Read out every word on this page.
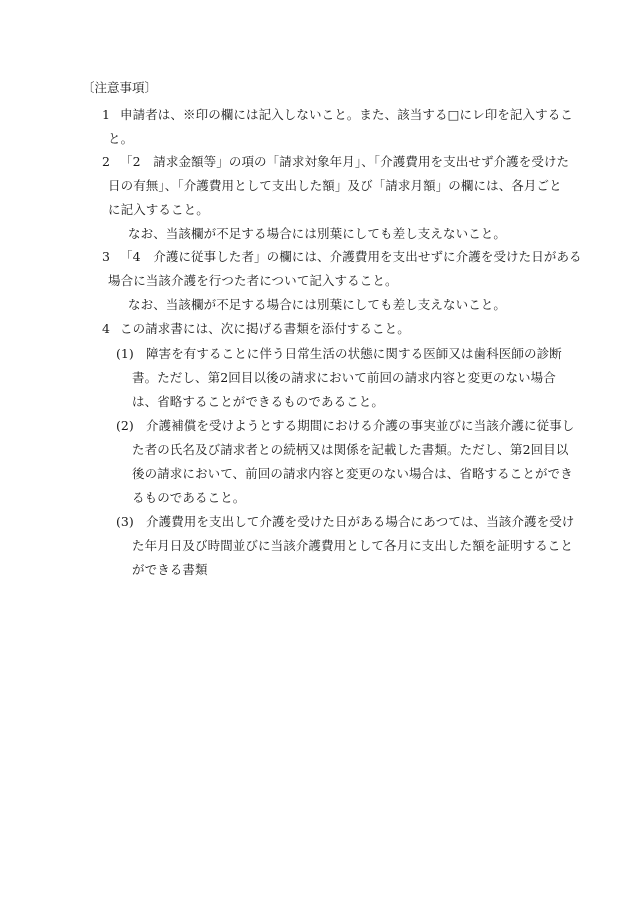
〔注意事項〕
1 申請者は、※印の欄には記入しないこと。また、該当する□にレ印を記入するこ
と。
2 「2　請求金額等」の項の「請求対象年月」、「介護費用を支出せず介護を受けた
日の有無」、「介護費用として支出した額」及び「請求月額」の欄には、各月ごと
に記入すること。
なお、当該欄が不足する場合には別葉にしても差し支えないこと。
3 「4　介護に従事した者」の欄には、介護費用を支出せずに介護を受けた日がある
場合に当該介護を行つた者について記入すること。
なお、当該欄が不足する場合には別葉にしても差し支えないこと。
4 この請求書には、次に掲げる書類を添付すること。
(1) 障害を有することに伴う日常生活の状態に関する医師又は歯科医師の診断
書。ただし、第2回目以後の請求において前回の請求内容と変更のない場合
は、省略することができるものであること。
(2) 介護補償を受けようとする期間における介護の事実並びに当該介護に従事し
た者の氏名及び請求者との続柄又は関係を記載した書類。ただし、第2回目以
後の請求において、前回の請求内容と変更のない場合は、省略することができ
るものであること。
(3) 介護費用を支出して介護を受けた日がある場合にあつては、当該介護を受け
た年月日及び時間並びに当該介護費用として各月に支出した額を証明すること
ができる書類
